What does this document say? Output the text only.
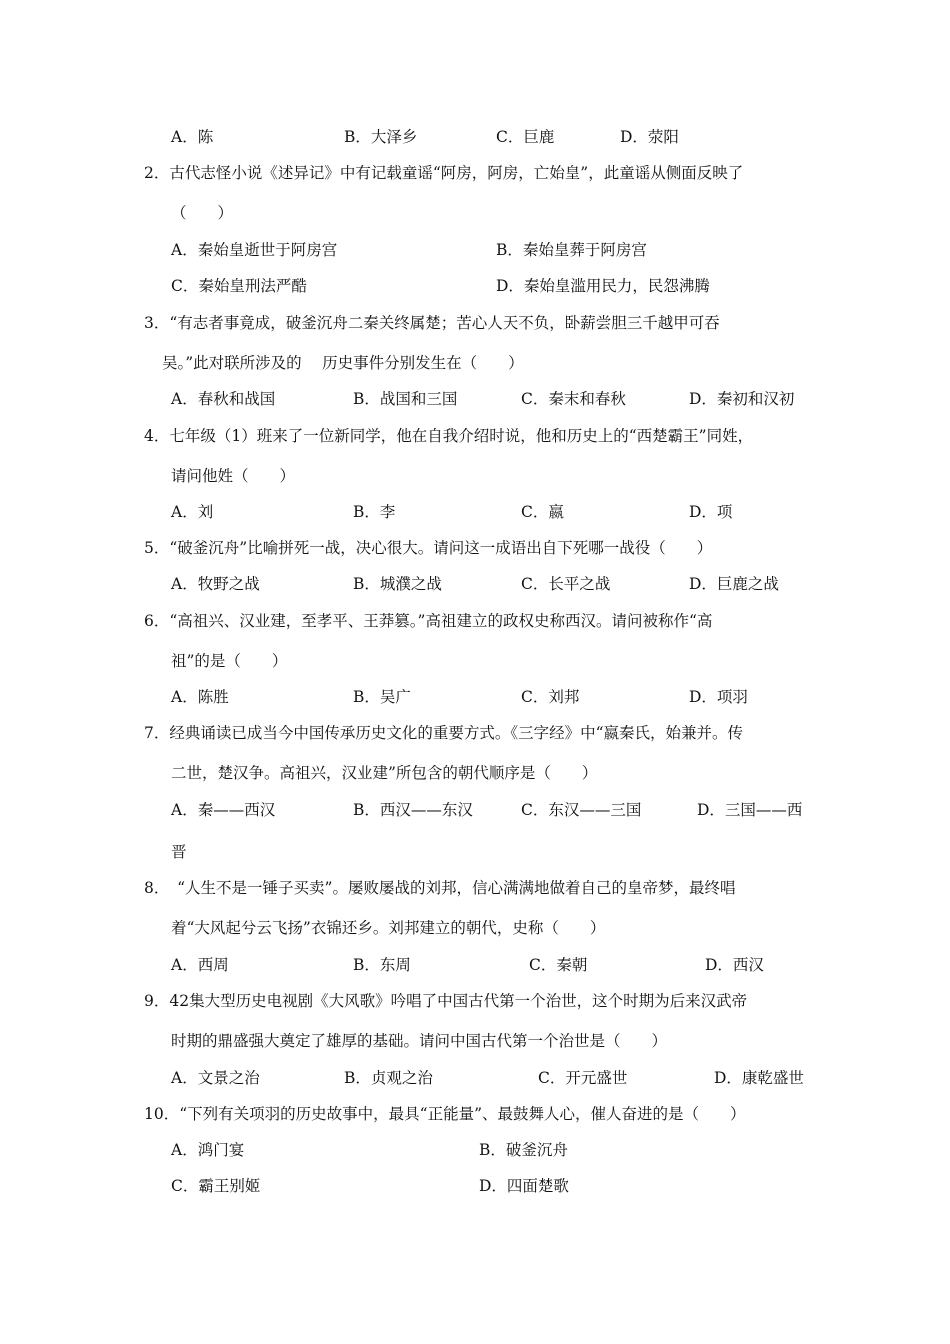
A．陈	B．大泽乡	C．巨鹿	D．荥阳
2．古代志怪小说《述异记》中有记载童谣“阿房，阿房，亡始皇”，此童谣从侧面反映了
（　　）
A．秦始皇逝世于阿房宫	B．秦始皇葬于阿房宫
C．秦始皇刑法严酷	D．秦始皇滥用民力，民怨沸腾
3．“有志者事竟成，破釜沉舟二秦关终属楚；苦心人天不负，卧薪尝胆三千越甲可吞
吴。”此对联所涉及的　 历史事件分别发生在（　　）
A．春秋和战国	B．战国和三国	C．秦末和春秋	D．秦初和汉初
4．七年级（1）班来了一位新同学，他在自我介绍时说，他和历史上的“西楚霸王”同姓，
请问他姓（　　）
A．刘	B．李	C．嬴	D．项
5．“破釜沉舟”比喻拼死一战，决心很大。请问这一成语出自下死哪一战役（　　）
A．牧野之战	B．城濮之战	C．长平之战	D．巨鹿之战
6．“高祖兴、汉业建，至孝平、王莽篡。”高祖建立的政权史称西汉。请问被称作“高
祖”的是（　　）
A．陈胜	B．吴广	C．刘邦	D．项羽
7．经典诵读已成当今中国传承历史文化的重要方式。《三字经》中“嬴秦氏，始兼并。传
二世，楚汉争。高祖兴，汉业建”所包含的朝代顺序是（　　）
A．秦——西汉	B．西汉——东汉	C．东汉——三国	D．三国——西
晋
8．　“人生不是一锤子买卖”。屡败屡战的刘邦，信心满满地做着自己的皇帝梦，最终唱
着“大风起兮云飞扬”衣锦还乡。刘邦建立的朝代，史称（　　）
A．西周	B．东周	C．秦朝	D．西汉
9．42集大型历史电视剧《大风歌》吟唱了中国古代第一个治世，这个时期为后来汉武帝
时期的鼎盛强大奠定了雄厚的基础。请问中国古代第一个治世是（　　）
A．文景之治	B．贞观之治	C．开元盛世	D．康乾盛世
10．“下列有关项羽的历史故事中，最具“正能量”、最鼓舞人心，催人奋进的是（　　）
A．鸿门宴	B．破釜沉舟
C．霸王别姬	D．四面楚歌
